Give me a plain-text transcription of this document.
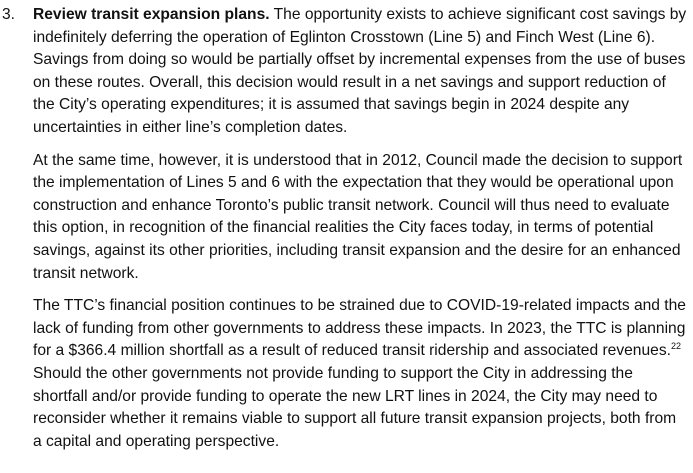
3. Review transit expansion plans. The opportunity exists to achieve significant cost savings by indefinitely deferring the operation of Eglinton Crosstown (Line 5) and Finch West (Line 6). Savings from doing so would be partially offset by incremental expenses from the use of buses on these routes. Overall, this decision would result in a net savings and support reduction of the City’s operating expenditures; it is assumed that savings begin in 2024 despite any uncertainties in either line’s completion dates.

At the same time, however, it is understood that in 2012, Council made the decision to support the implementation of Lines 5 and 6 with the expectation that they would be operational upon construction and enhance Toronto’s public transit network. Council will thus need to evaluate this option, in recognition of the financial realities the City faces today, in terms of potential savings, against its other priorities, including transit expansion and the desire for an enhanced transit network.

The TTC’s financial position continues to be strained due to COVID-19-related impacts and the lack of funding from other governments to address these impacts. In 2023, the TTC is planning for a $366.4 million shortfall as a result of reduced transit ridership and associated revenues.$^{22}$ Should the other governments not provide funding to support the City in addressing the shortfall and/or provide funding to operate the new LRT lines in 2024, the City may need to reconsider whether it remains viable to support all future transit expansion projects, both from a capital and operating perspective.
